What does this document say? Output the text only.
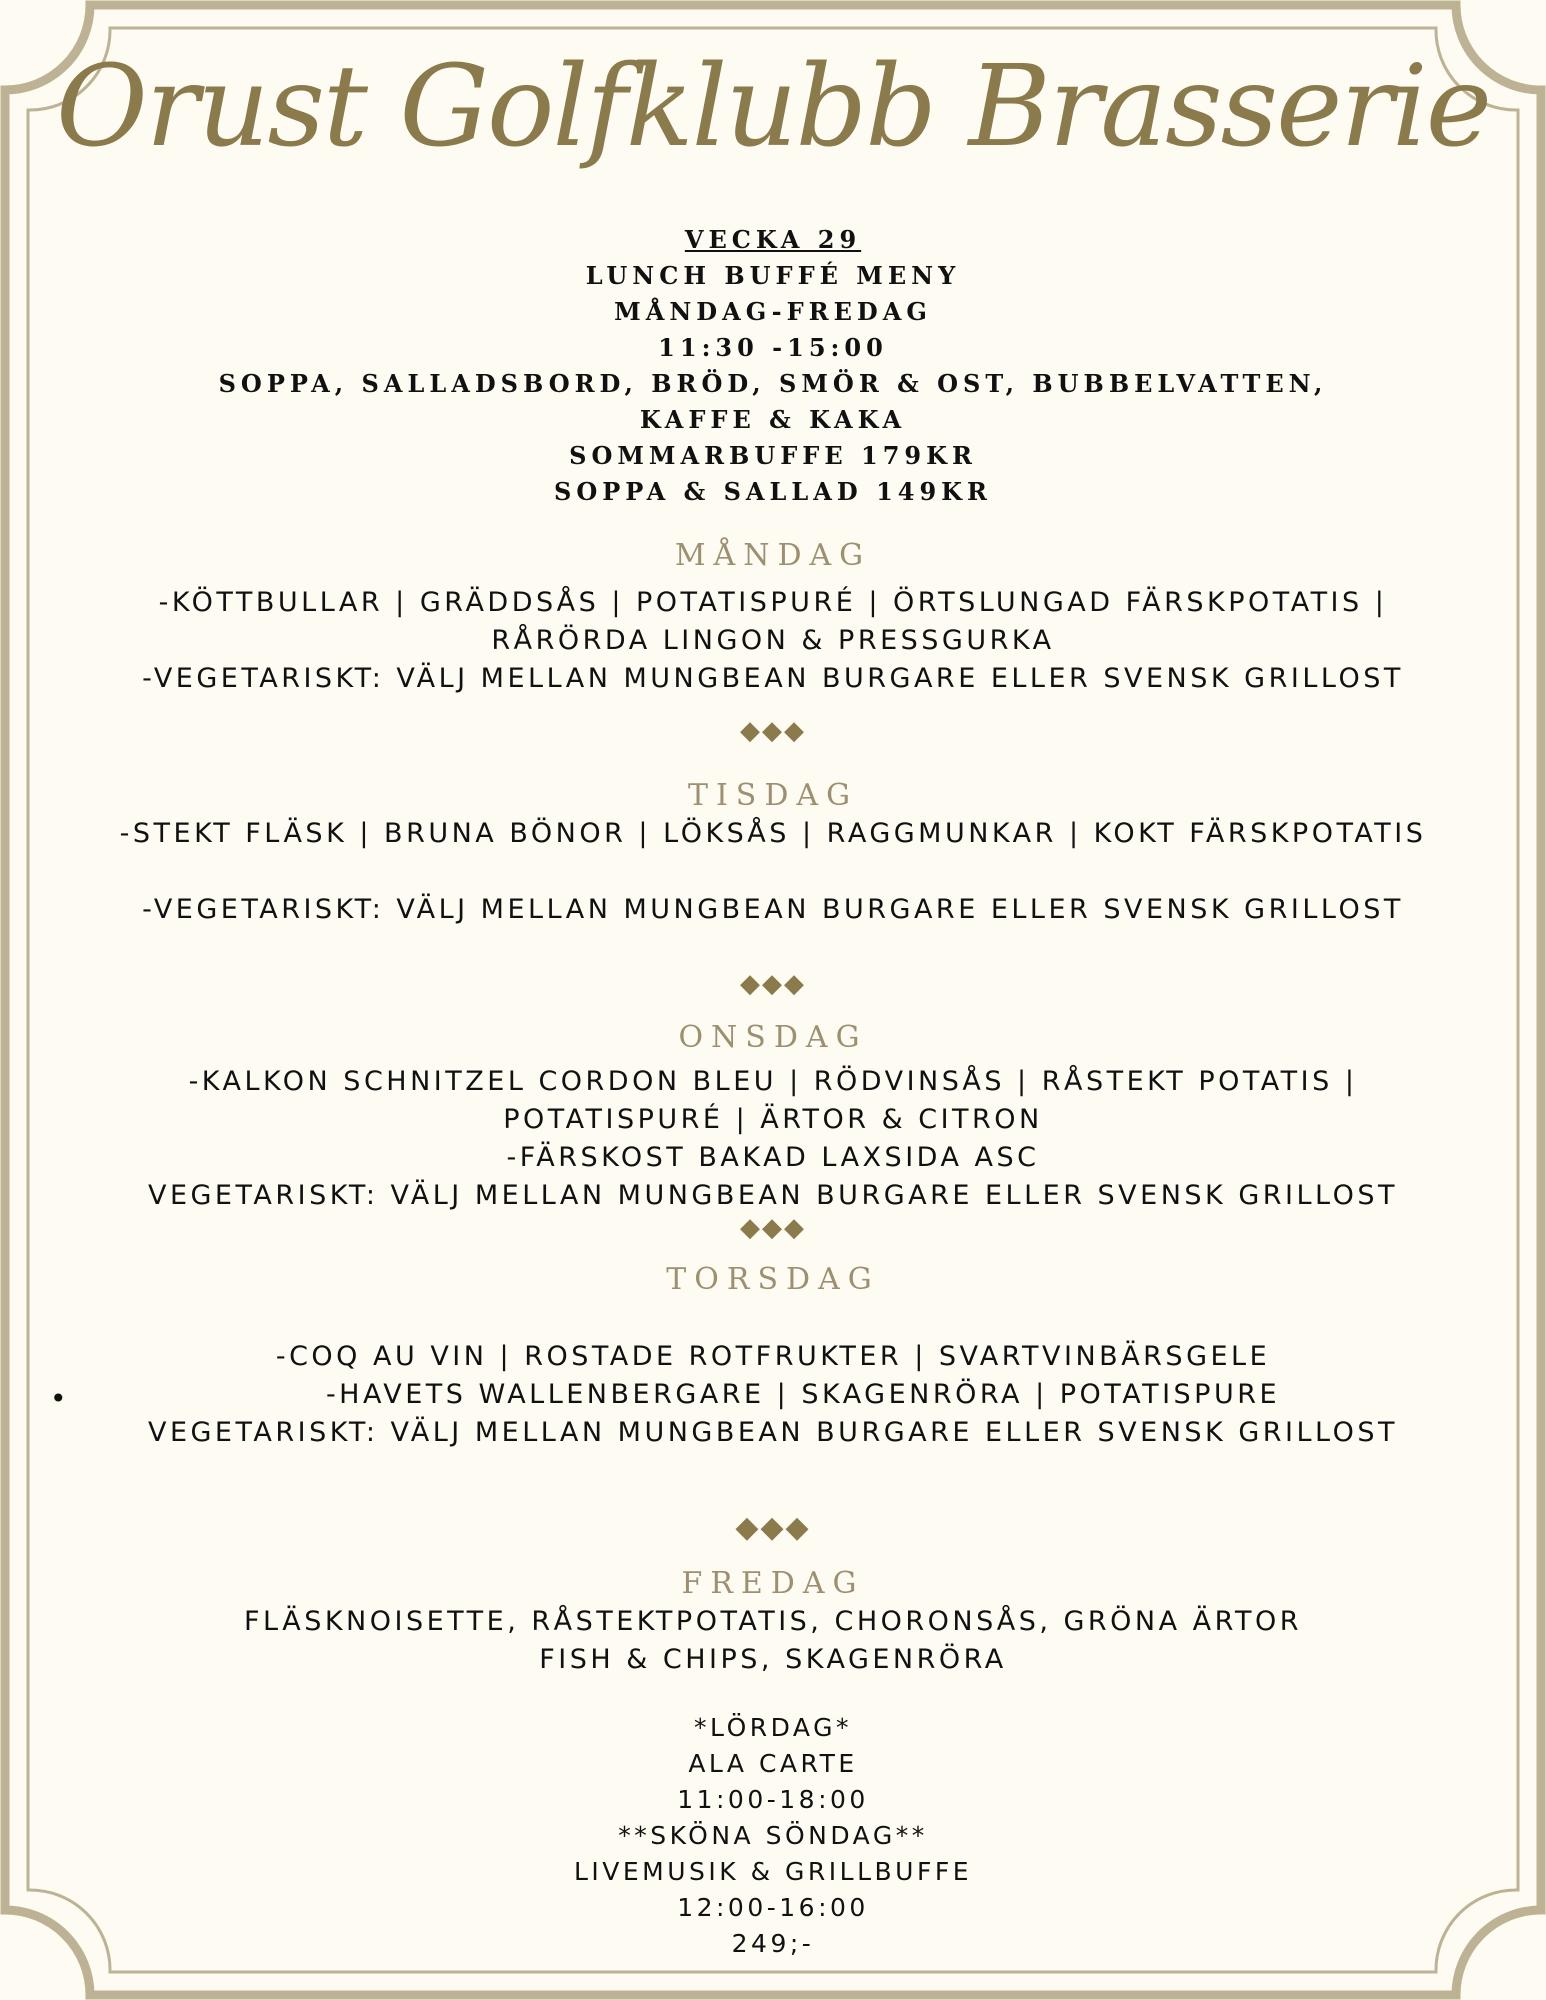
Orust Golfklubb Brasserie
VECKA 29
LUNCH BUFFÉ MENY
MÅNDAG-FREDAG
11:30 -15:00
SOPPA, SALLADSBORD, BRÖD, SMÖR & OST, BUBBELVATTEN,
KAFFE & KAKA
SOMMARBUFFE 179KR
SOPPA & SALLAD 149KR
MÅNDAG
-KÖTTBULLAR | GRÄDDSÅS | POTATISPURÉ | ÖRTSLUNGAD FÄRSKPOTATIS |
RÅRÖRDA LINGON & PRESSGURKA
-VEGETARISKT: VÄLJ MELLAN MUNGBEAN BURGARE ELLER SVENSK GRILLOST
◆◆◆
TISDAG
-STEKT FLÄSK | BRUNA BÖNOR | LÖKSÅS | RAGGMUNKAR | KOKT FÄRSKPOTATIS
-VEGETARISKT: VÄLJ MELLAN MUNGBEAN BURGARE ELLER SVENSK GRILLOST
◆◆◆
ONSDAG
-KALKON SCHNITZEL CORDON BLEU | RÖDVINSÅS | RÅSTEKT POTATIS |
POTATISPURÉ | ÄRTOR & CITRON
-FÄRSKOST BAKAD LAXSIDA ASC
VEGETARISKT: VÄLJ MELLAN MUNGBEAN BURGARE ELLER SVENSK GRILLOST
◆◆◆
TORSDAG
•
-COQ AU VIN | ROSTADE ROTFRUKTER | SVARTVINBÄRSGELE
-HAVETS WALLENBERGARE | SKAGENRÖRA | POTATISPURE
VEGETARISKT: VÄLJ MELLAN MUNGBEAN BURGARE ELLER SVENSK GRILLOST
◆◆◆
FREDAG
FLÄSKNOISETTE, RÅSTEKTPOTATIS, CHORONSÅS, GRÖNA ÄRTOR
FISH & CHIPS, SKAGENRÖRA
*LÖRDAG*
ALA CARTE
11:00-18:00
**SKÖNA SÖNDAG**
LIVEMUSIK & GRILLBUFFE
12:00-16:00
249;-
